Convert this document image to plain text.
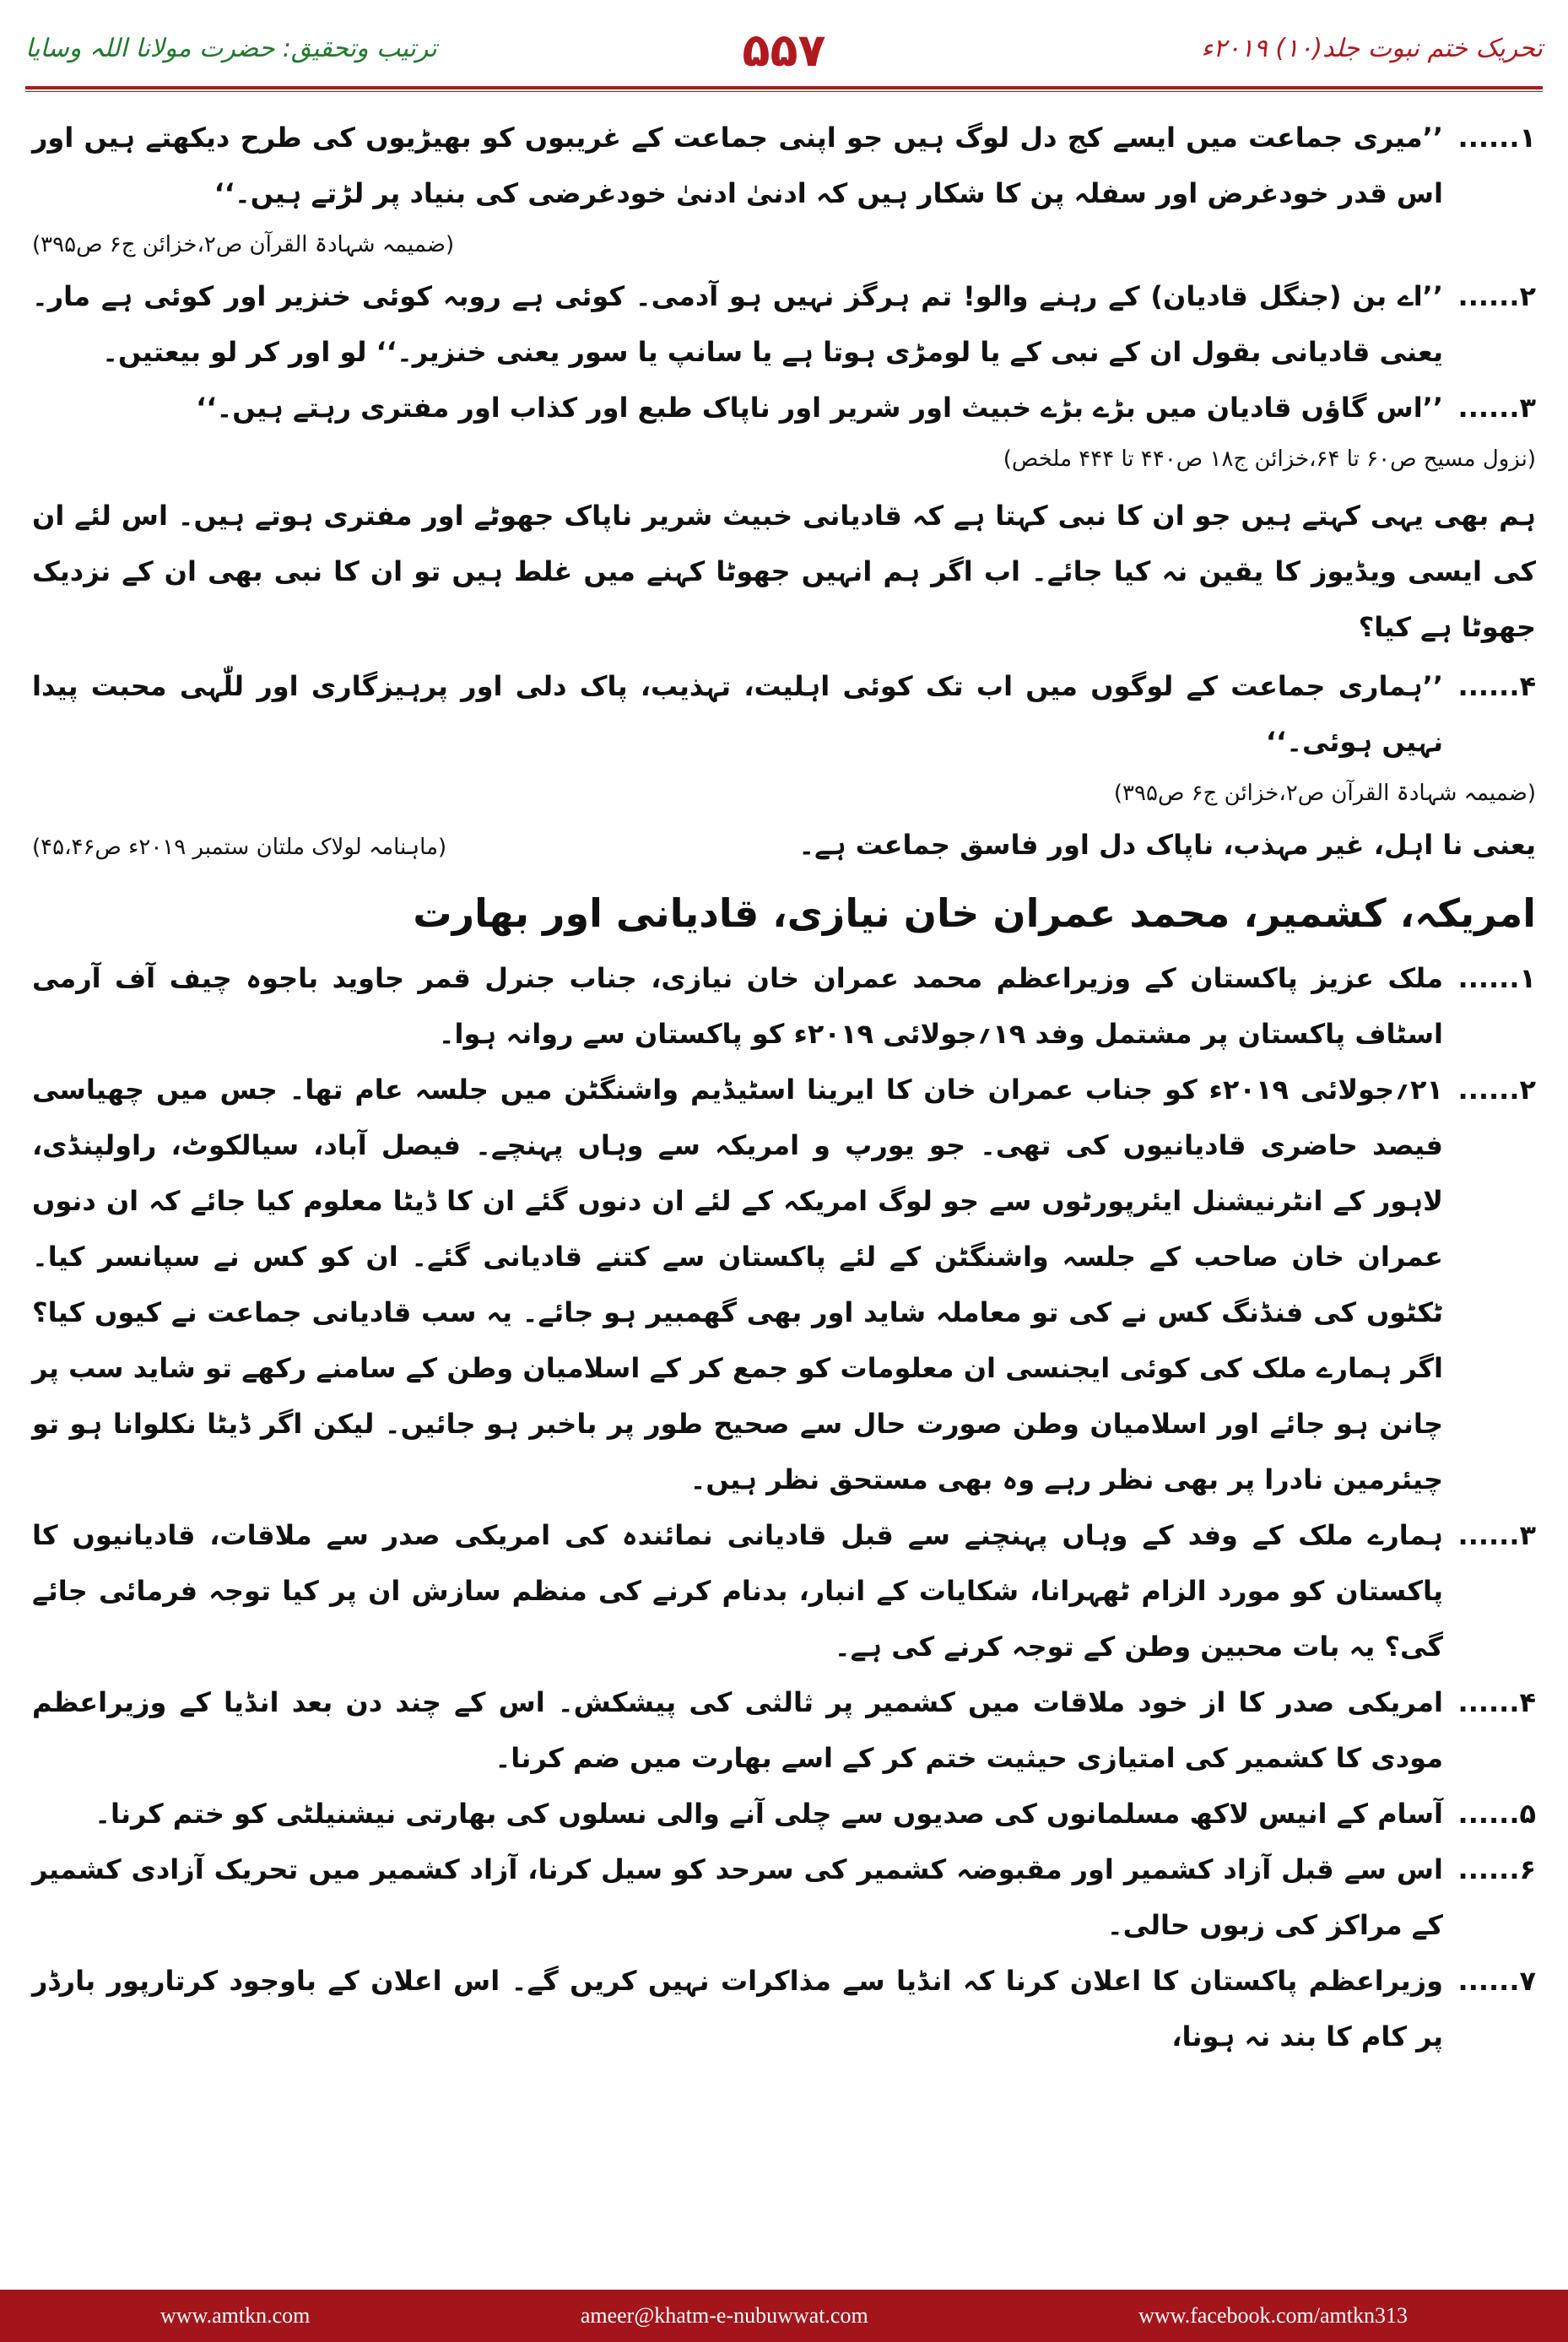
ترتیب وتحقیق: حضرت مولانا اللہ وسایا	۵۵۷	تحریک ختم نبوت جلد(۱۰) ۲۰۱۹ء
۱......
’’میری جماعت میں ایسے کج دل لوگ ہیں جو اپنی جماعت کے غریبوں کو بھیڑیوں کی طرح دیکھتے ہیں اور اس قدر خودغرض اور سفلہ پن کا شکار ہیں کہ ادنیٰ ادنیٰ خودغرضی کی بنیاد پر لڑتے ہیں۔‘‘
(ضمیمہ شہادۃ القرآن ص۲،خزائن ج۶ ص۳۹۵)
۲......
’’اے بن (جنگل قادیان) کے رہنے والو! تم ہرگز نہیں ہو آدمی۔ کوئی ہے روبہ کوئی خنزیر اور کوئی ہے مار۔ یعنی قادیانی بقول ان کے نبی کے یا لومڑی ہوتا ہے یا سانپ یا سور یعنی خنزیر۔‘‘ لو اور کر لو بیعتیں۔
۳......
’’اس گاؤں قادیان میں بڑے بڑے خبیث اور شریر اور ناپاک طبع اور کذاب اور مفتری رہتے ہیں۔‘‘
(نزول مسیح ص۶۰ تا ۶۴،خزائن ج۱۸ ص۴۴۰ تا ۴۴۴ ملخص)
ہم بھی یہی کہتے ہیں جو ان کا نبی کہتا ہے کہ قادیانی خبیث شریر ناپاک جھوٹے اور مفتری ہوتے ہیں۔ اس لئے ان کی ایسی ویڈیوز کا یقین نہ کیا جائے۔ اب اگر ہم انہیں جھوٹا کہنے میں غلط ہیں تو ان کا نبی بھی ان کے نزدیک جھوٹا ہے کیا؟
۴......
’’ہماری جماعت کے لوگوں میں اب تک کوئی اہلیت، تہذیب، پاک دلی اور پرہیزگاری اور للّٰہی محبت پیدا نہیں ہوئی۔‘‘
(ضمیمہ شہادۃ القرآن ص۲،خزائن ج۶ ص۳۹۵)
یعنی نا اہل، غیر مہذب، ناپاک دل اور فاسق جماعت ہے۔
(ماہنامہ لولاک ملتان ستمبر ۲۰۱۹ء ص۴۵،۴۶)
امریکہ، کشمیر، محمد عمران خان نیازی، قادیانی اور بھارت
۱......
ملک عزیز پاکستان کے وزیراعظم محمد عمران خان نیازی، جناب جنرل قمر جاوید باجوہ چیف آف آرمی اسٹاف پاکستان پر مشتمل وفد ۱۹؍جولائی ۲۰۱۹ء کو پاکستان سے روانہ ہوا۔
۲......
۲۱؍جولائی ۲۰۱۹ء کو جناب عمران خان کا ایرینا اسٹیڈیم واشنگٹن میں جلسہ عام تھا۔ جس میں چھیاسی فیصد حاضری قادیانیوں کی تھی۔ جو یورپ و امریکہ سے وہاں پہنچے۔ فیصل آباد، سیالکوٹ، راولپنڈی، لاہور کے انٹرنیشنل ایئرپورٹوں سے جو لوگ امریکہ کے لئے ان دنوں گئے ان کا ڈیٹا معلوم کیا جائے کہ ان دنوں عمران خان صاحب کے جلسہ واشنگٹن کے لئے پاکستان سے کتنے قادیانی گئے۔ ان کو کس نے سپانسر کیا۔ ٹکٹوں کی فنڈنگ کس نے کی تو معاملہ شاید اور بھی گھمبیر ہو جائے۔ یہ سب قادیانی جماعت نے کیوں کیا؟ اگر ہمارے ملک کی کوئی ایجنسی ان معلومات کو جمع کر کے اسلامیان وطن کے سامنے رکھے تو شاید سب پر چانن ہو جائے اور اسلامیان وطن صورت حال سے صحیح طور پر باخبر ہو جائیں۔ لیکن اگر ڈیٹا نکلوانا ہو تو چیئرمین نادرا پر بھی نظر رہے وہ بھی مستحق نظر ہیں۔
۳......
ہمارے ملک کے وفد کے وہاں پہنچنے سے قبل قادیانی نمائندہ کی امریکی صدر سے ملاقات، قادیانیوں کا پاکستان کو مورد الزام ٹھہرانا، شکایات کے انبار، بدنام کرنے کی منظم سازش ان پر کیا توجہ فرمائی جائے گی؟ یہ بات محبین وطن کے توجہ کرنے کی ہے۔
۴......
امریکی صدر کا از خود ملاقات میں کشمیر پر ثالثی کی پیشکش۔ اس کے چند دن بعد انڈیا کے وزیراعظم مودی کا کشمیر کی امتیازی حیثیت ختم کر کے اسے بھارت میں ضم کرنا۔
۵......
آسام کے انیس لاکھ مسلمانوں کی صدیوں سے چلی آنے والی نسلوں کی بھارتی نیشنیلٹی کو ختم کرنا۔
۶......
اس سے قبل آزاد کشمیر اور مقبوضہ کشمیر کی سرحد کو سیل کرنا، آزاد کشمیر میں تحریک آزادی کشمیر کے مراکز کی زبوں حالی۔
۷......
وزیراعظم پاکستان کا اعلان کرنا کہ انڈیا سے مذاکرات نہیں کریں گے۔ اس اعلان کے باوجود کرتارپور بارڈر پر کام کا بند نہ ہونا،
www.amtkn.com	ameer@khatm-e-nubuwwat.com	www.facebook.com/amtkn313
